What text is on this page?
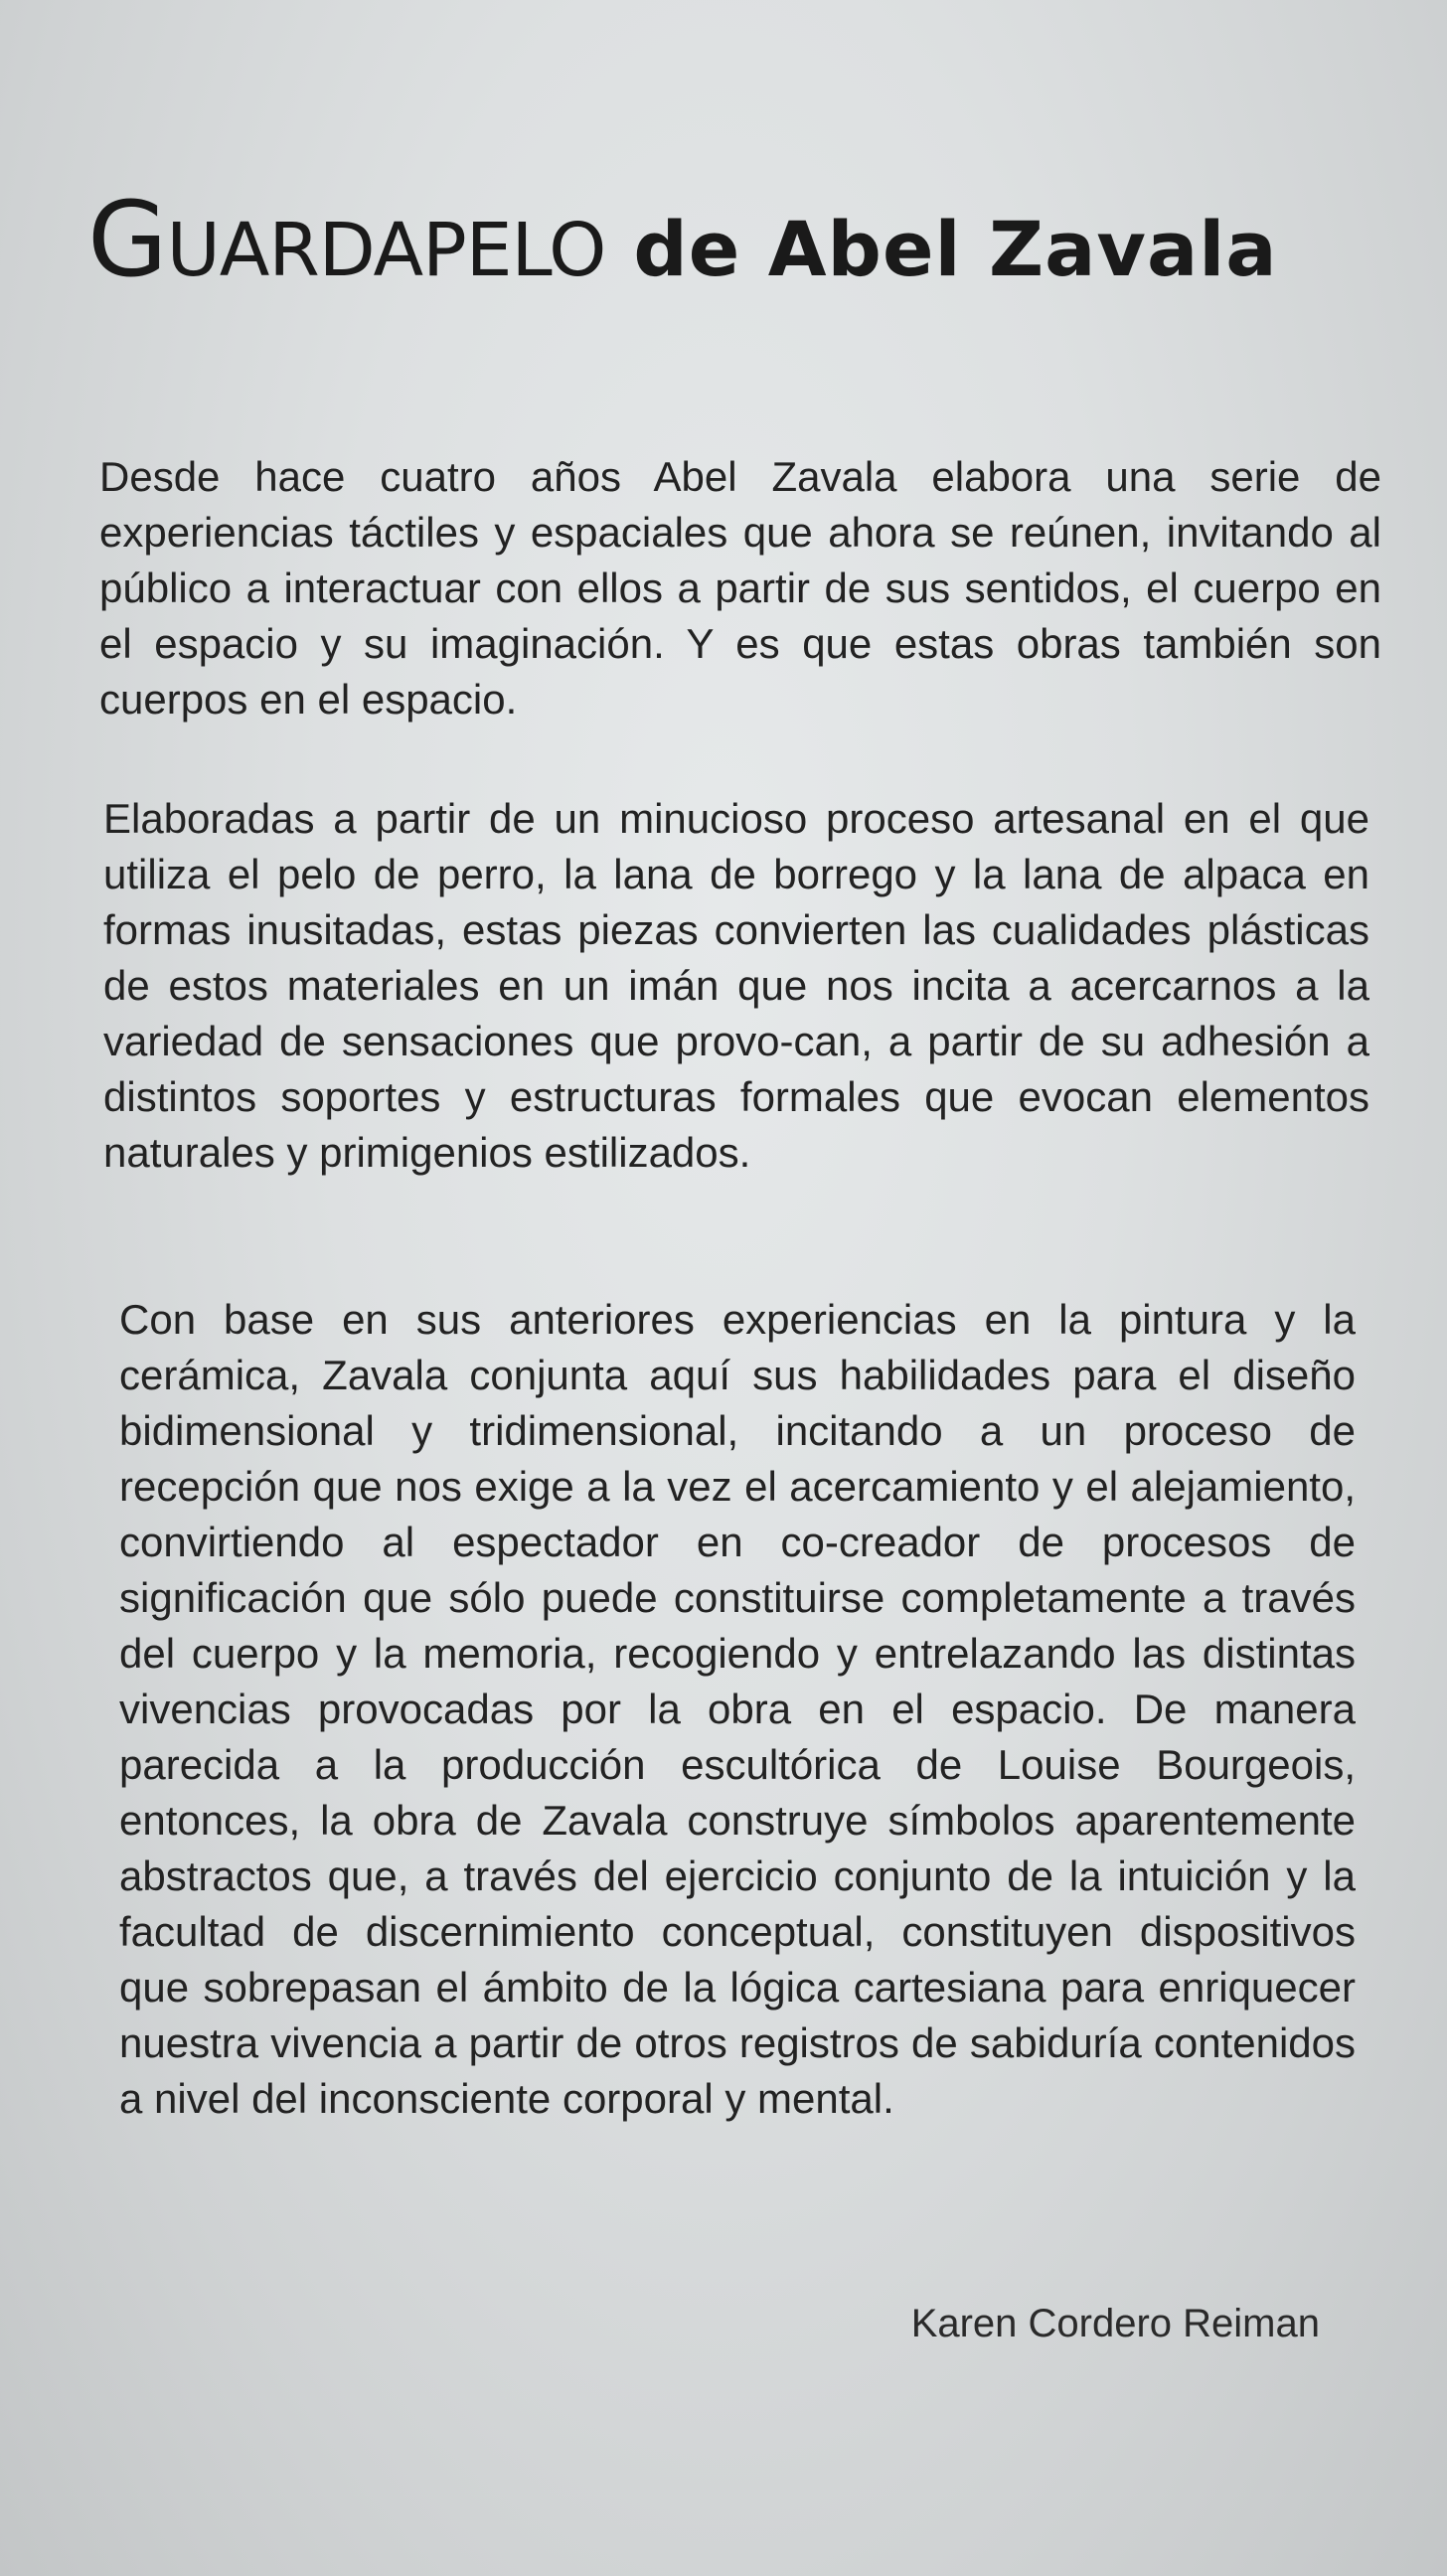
GUARDAPELO de Abel Zavala

Desde hace cuatro años Abel Zavala elabora una serie de experiencias táctiles y espaciales que ahora se reúnen, invitando al público a interactuar con ellos a partir de sus sentidos, el cuerpo en el espacio y su imaginación. Y es que estas obras también son cuerpos en el espacio.

Elaboradas a partir de un minucioso proceso artesanal en el que utiliza el pelo de perro, la lana de borrego y la lana de alpaca en formas inusitadas, estas piezas convierten las cualidades plásticas de estos materiales en un imán que nos incita a acercarnos a la variedad de sensaciones que provo-can, a partir de su adhesión a distintos soportes y estructuras formales que evocan elementos naturales y primigenios estilizados.

Con base en sus anteriores experiencias en la pintura y la cerámica, Zavala conjunta aquí sus habilidades para el diseño bidimensional y tridimensional, incitando a un proceso de recepción que nos exige a la vez el acercamiento y el alejamiento, convirtiendo al espectador en co-creador de procesos de significación que sólo puede constituirse completamente a través del cuerpo y la memoria, recogiendo y entrelazando las distintas vivencias provocadas por la obra en el espacio. De manera parecida a la producción escultórica de Louise Bourgeois, entonces, la obra de Zavala construye símbolos aparentemente abstractos que, a través del ejercicio conjunto de la intuición y la facultad de discernimiento conceptual, constituyen dispositivos que sobrepasan el ámbito de la lógica cartesiana para enriquecer nuestra vivencia a partir de otros registros de sabiduría contenidos a nivel del inconsciente corporal y mental.

Karen Cordero Reiman
